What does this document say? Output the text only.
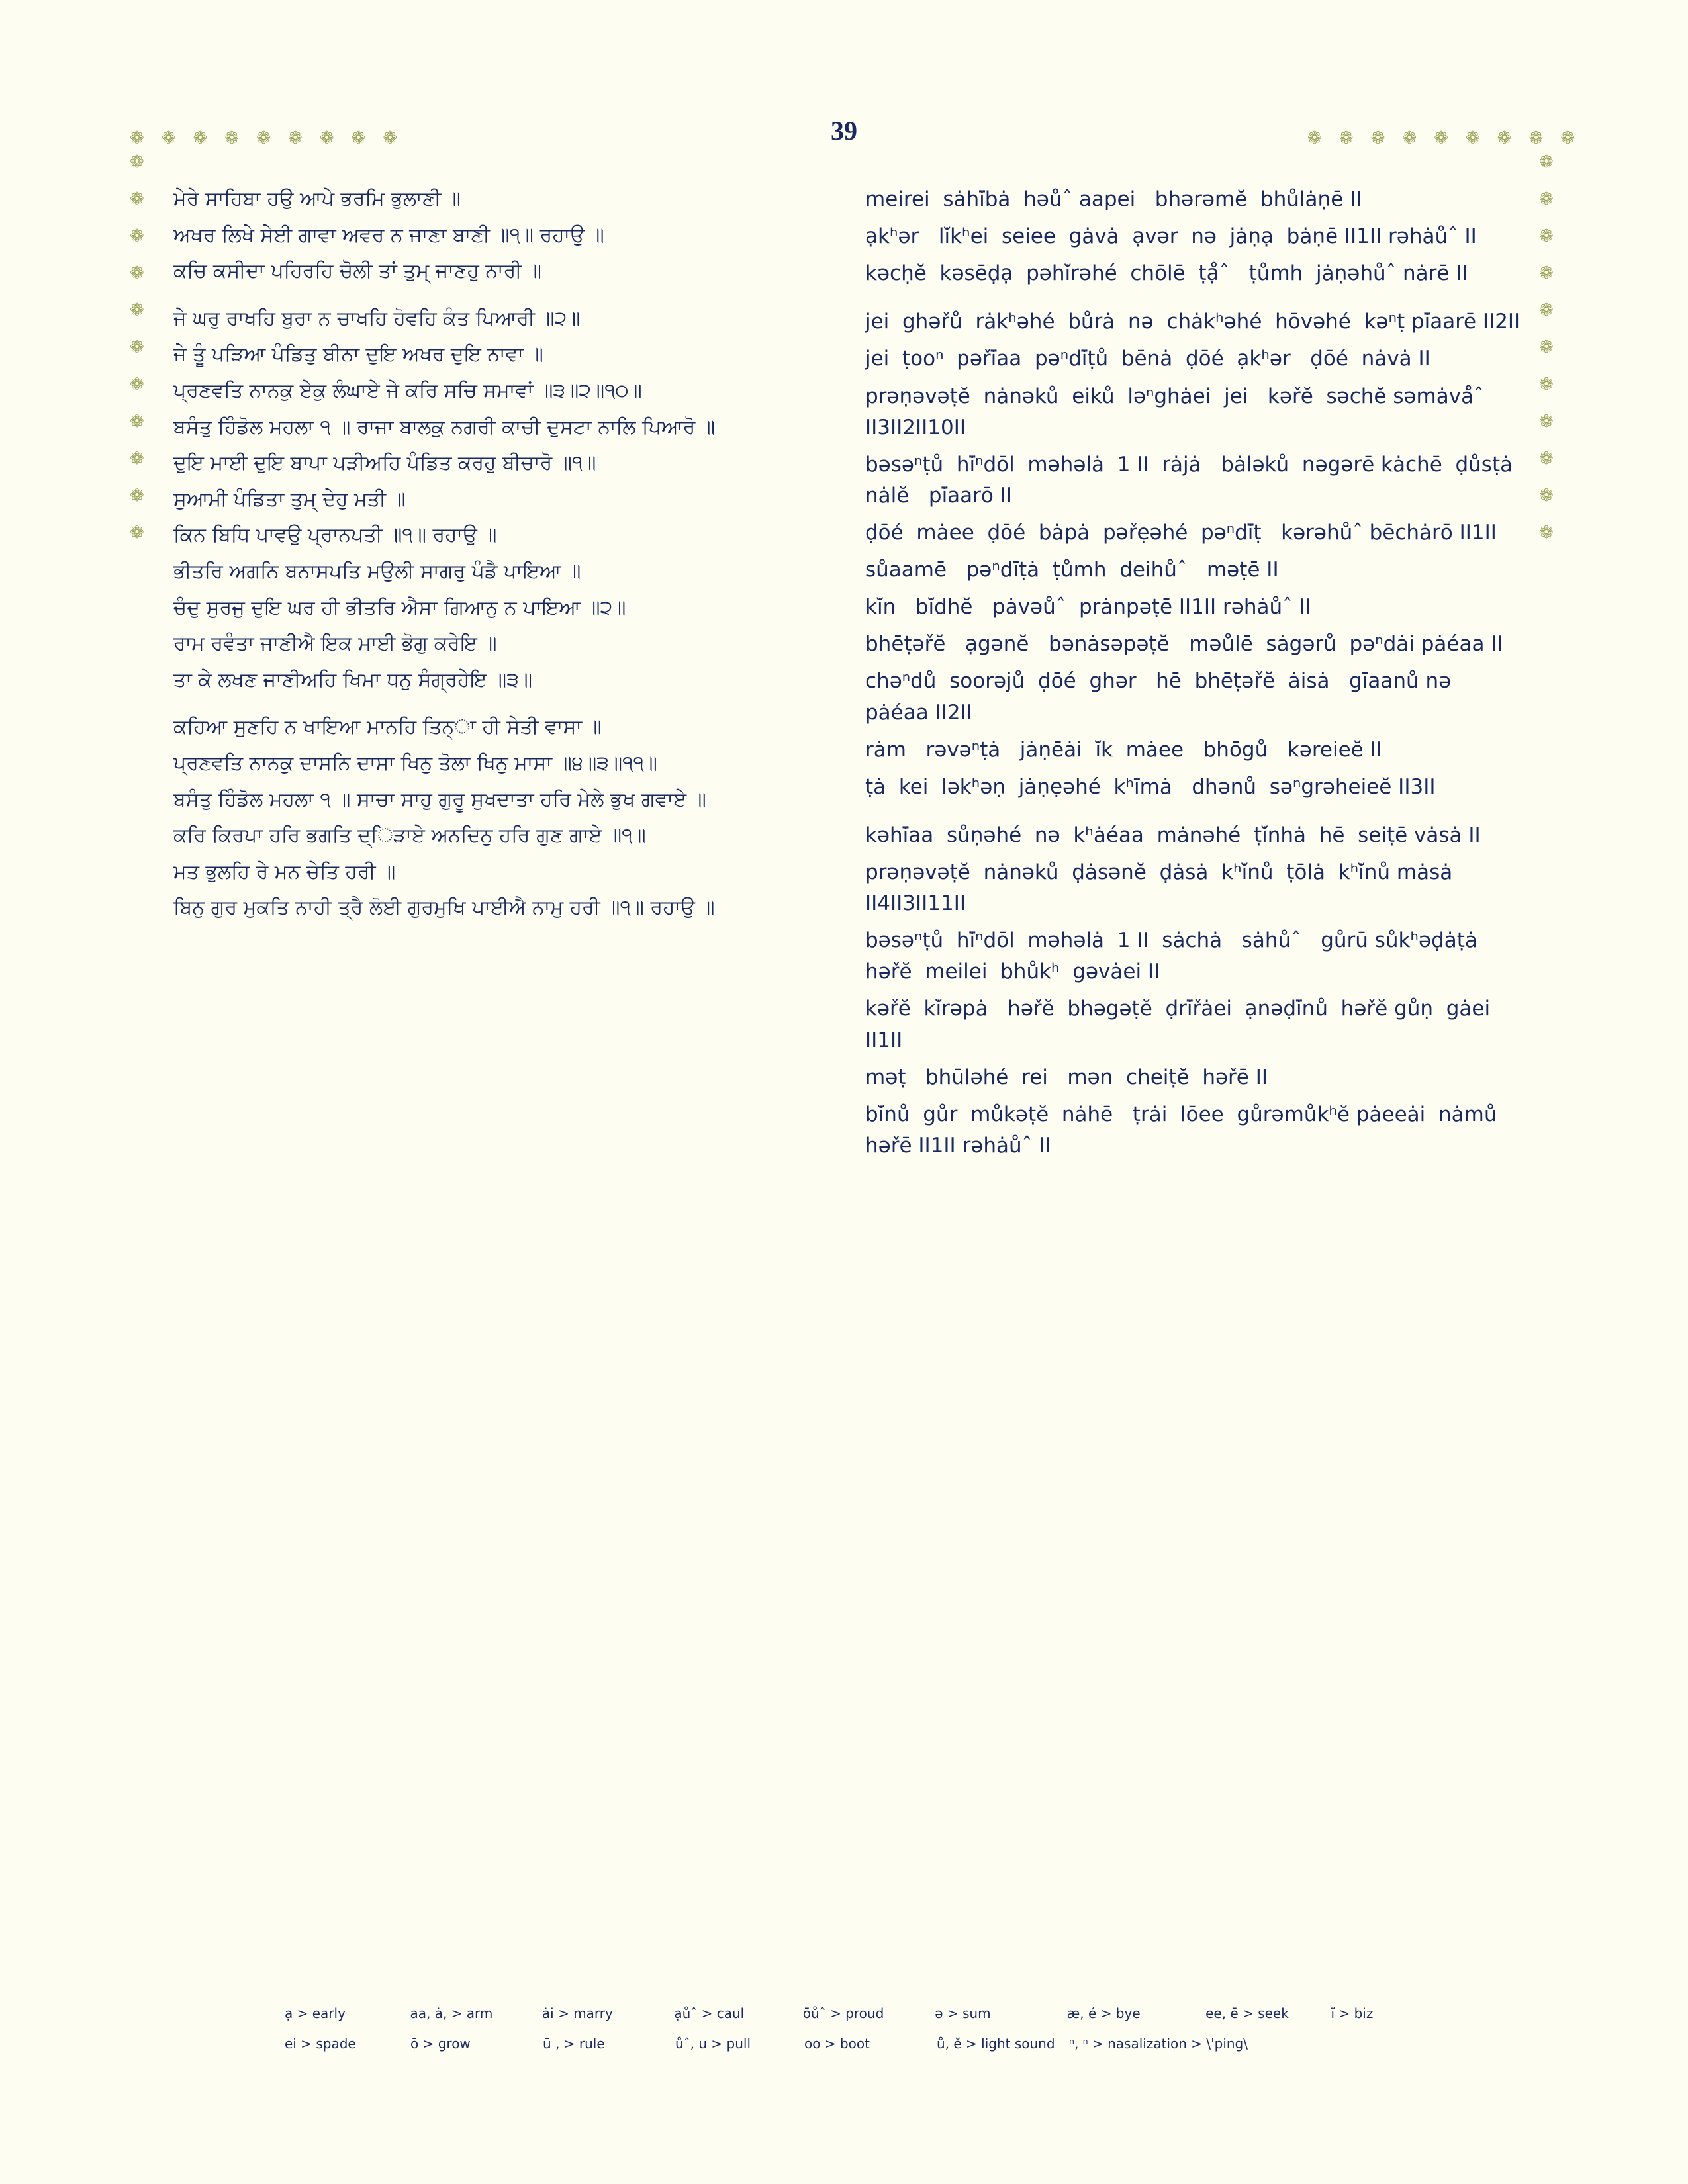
39
❁ ❁ ❁ ❁ ❁ ❁ ❁ ❁ ❁	❁ ❁ ❁ ❁ ❁ ❁ ❁ ❁ ❁
❁
❁
❁
❁
❁
❁
❁
❁
❁
❁
❁
❁
❁
❁
❁
❁
❁
❁
❁
❁
❁
❁

ਮੇਰੇ ਸਾਹਿਬਾ ਹਉੁ ਆਪੇ ਭਰਮਿ ਭੁਲਾਣੀ ॥

ਅਖਰ ਲਿਖੇ ਸੇਈ ਗਾਵਾ ਅਵਰ ਨ ਜਾਣਾ ਬਾਣੀ ॥੧॥ ਰਹਾਉੁ ॥

ਕਚਿ ਕਸੀਦਾ ਪਹਿਰਹਿ ਚੋਲੀ ਤਾਂ ਤੁਮ੍ ਜਾਣਹੁ ਨਾਰੀ ॥

ਜੇ ਘਰੁ ਰਾਖਹਿ ਬੁਰਾ ਨ ਚਾਖਹਿ ਹੋਵਹਿ ਕੰਤ ਪਿਆਰੀ ॥੨॥

ਜੇ ਤੂੰ ਪੜਿਆ ਪੰਡਿਤੁ ਬੀਨਾ ਦੁਇ ਅਖਰ ਦੁਇ ਨਾਵਾ ॥

ਪ੍ਰਣਵਤਿ ਨਾਨਕੁ ਏਕੁ ਲੰਘਾਏ ਜੇ ਕਰਿ ਸਚਿ ਸਮਾਵਾਂ ॥੩॥੨॥੧੦॥

ਬਸੰਤੁ ਹਿੰਡੋਲ ਮਹਲਾ ੧ ॥ ਰਾਜਾ ਬਾਲਕੁ ਨਗਰੀ ਕਾਚੀ ਦੁਸਟਾ ਨਾਲਿ ਪਿਆਰੋ ॥

ਦੁਇ ਮਾਈ ਦੁਇ ਬਾਪਾ ਪੜੀਅਹਿ ਪੰਡਿਤ ਕਰਹੁ ਬੀਚਾਰੋ ॥੧॥

ਸੁਆਮੀ ਪੰਡਿਤਾ ਤੁਮ੍ ਦੇਹੁ ਮਤੀ ॥

ਕਿਨ ਬਿਧਿ ਪਾਵਉੁ ਪ੍ਰਾਨਪਤੀ ॥੧॥ ਰਹਾਉੁ ॥

ਭੀਤਰਿ ਅਗਨਿ ਬਨਾਸਪਤਿ ਮਉੁਲੀ ਸਾਗਰੁ ਪੰਡੈ ਪਾਇਆ ॥

ਚੰਦੁ ਸੁਰਜੁ ਦੁਇ ਘਰ ਹੀ ਭੀਤਰਿ ਐਸਾ ਗਿਆਨੁ ਨ ਪਾਇਆ ॥੨॥

ਰਾਮ ਰਵੰਤਾ ਜਾਣੀਐ ਇਕ ਮਾਈ ਭੋਗੁ ਕਰੇਇ ॥

ਤਾ ਕੇ ਲਖਣ ਜਾਣੀਅਹਿ ਖਿਮਾ ਧਨੁ ਸੰਗ੍ਰਹੇਇ ॥੩॥

ਕਹਿਆ ਸੁਣਹਿ ਨ ਖਾਇਆ ਮਾਨਹਿ ਤਿਨ੍ਾ ਹੀ ਸੇਤੀ ਵਾਸਾ ॥

ਪ੍ਰਣਵਤਿ ਨਾਨਕੁ ਦਾਸਨਿ ਦਾਸਾ ਖਿਨੁ ਤੋਲਾ ਖਿਨੁ ਮਾਸਾ ॥੪॥੩॥੧੧॥

ਬਸੰਤੁ ਹਿੰਡੋਲ ਮਹਲਾ ੧ ॥ ਸਾਚਾ ਸਾਹੁ ਗੁਰੂ ਸੁਖਦਾਤਾ ਹਰਿ ਮੇਲੇ ਭੁਖ ਗਵਾਏ ॥

ਕਰਿ ਕਿਰਪਾ ਹਰਿ ਭਗਤਿ ਦ੍ਿੜਾਏ ਅਨਦਿਨੁ ਹਰਿ ਗੁਣ ਗਾਏ ॥੧॥

ਮਤ ਭੁਲਹਿ ਰੇ ਮਨ ਚੇਤਿ ਹਰੀ ॥

ਬਿਨੁ ਗੁਰ ਮੁਕਤਿ ਨਾਹੀ ਤ੍ਰੈ ਲੋਈ ਗੁਰਮੁਖਿ ਪਾਈਐ ਨਾਮੁ ਹਰੀ ॥੧॥ ਰਹਾਉੁ ॥

meirei  sȧhi̇̈bȧ  həůˆ aapei   bhərəmĕ  bhůlȧṇē II

ạkʰər   li̇̆kʰei  seiee  gȧvȧ  ạvər  nə  jȧṇạ  bȧṇē II1II rəhȧůˆ II

kəcḥĕ  kəsēḍạ  pəhi̇̆rəhé  chōlē  ṭạ̊ˆ   ṭůmh  jȧṇəhůˆ nȧrē II

jei  ghəřů  rȧkʰəhé  bůrȧ  nə  chȧkʰəhé  hōvəhé  kəⁿṭ pi̇̈aarē II2II

jei  ṭooⁿ  pəři̇̈aa  pəⁿdi̇̈ṭů  bēnȧ  ḍōé  ạkʰər   ḍōé  nȧvȧ II

prəṇəvəṭĕ  nȧnəků  eiků  ləⁿghȧei  jei   kəřĕ  səchĕ səmȧvȧ̊ˆ  II3II2II10II

bəsəⁿṭů  hi̇̈ⁿdōl  məhəlȧ  1 II  rȧjȧ   bȧləků  nəgərē kȧchē  ḍůsṭȧ  nȧlĕ   pi̇̈aarō II

ḍōé  mȧee  ḍōé  bȧpȧ  pəřẹəhé  pəⁿdi̇̈ṭ   kərəhůˆ bēchȧrō II1II

sůaamē   pəⁿdi̇̈ṭȧ  ṭůmh  deihůˆ   məṭē II

ki̇̆n   bi̇̆dhĕ   pȧvəůˆ  prȧnpəṭē II1II rəhȧůˆ II

bhēṭəřĕ   ạgənĕ   bənȧsəpəṭĕ   məůlē  sȧgərů  pəⁿdȧi pȧéaa II

chəⁿdů  soorəjů  ḍōé  ghər   hē  bhēṭəřĕ  ȧisȧ   gi̇̈aanů nə  pȧéaa II2II

rȧm   rəvəⁿṭȧ   jȧṇēȧi  i̇̆k  mȧee   bhōgů   kəreieĕ II

ṭȧ  kei  ləkʰəṇ  jȧṇẹəhé  kʰi̇̈mȧ   dhənů  səⁿgrəheieĕ II3II

kəhi̇̈aa  sůṇəhé  nə  kʰȧéaa  mȧnəhé  ṭi̇̆nhȧ  hē  seiṭē vȧsȧ II

prəṇəvəṭĕ  nȧnəků  ḍȧsənĕ  ḍȧsȧ  kʰi̇̆nů  ṭōlȧ  kʰi̇̆nů mȧsȧ II4II3II11II

bəsəⁿṭů  hi̇̈ⁿdōl  məhəlȧ  1 II  sȧchȧ   sȧhůˆ   gůrū sůkʰəḍȧṭȧ  həřĕ  meilei  bhůkʰ  gəvȧei II

kəřĕ  ki̇̆rəpȧ   həřĕ  bhəgəṭĕ  ḍri̇̈řȧei  ạnəḍi̇̈nů  həřĕ gůṇ  gȧei II1II

məṭ   bhūləhé  rei   mən  cheiṭĕ  həřē II

bi̇̆nů  gůr  můkəṭĕ  nȧhē   ṭrȧi  lōee  gůrəmůkʰĕ pȧeeȧi  nȧmů  həřē II1II rəhȧůˆ II

ạ > early	aa, ȧ, > arm	ȧi > marry	ạůˆ > caul	ōůˆ > proud	ə > sum	æ, é > bye	ee, ē > seek	i̇̆ > biz
ei > spade	ō > grow	ū , > rule	ůˆ, u > pull	oo > boot	ů, ĕ > light sound	ⁿ, ⁿ > nasalization > \'ping\
